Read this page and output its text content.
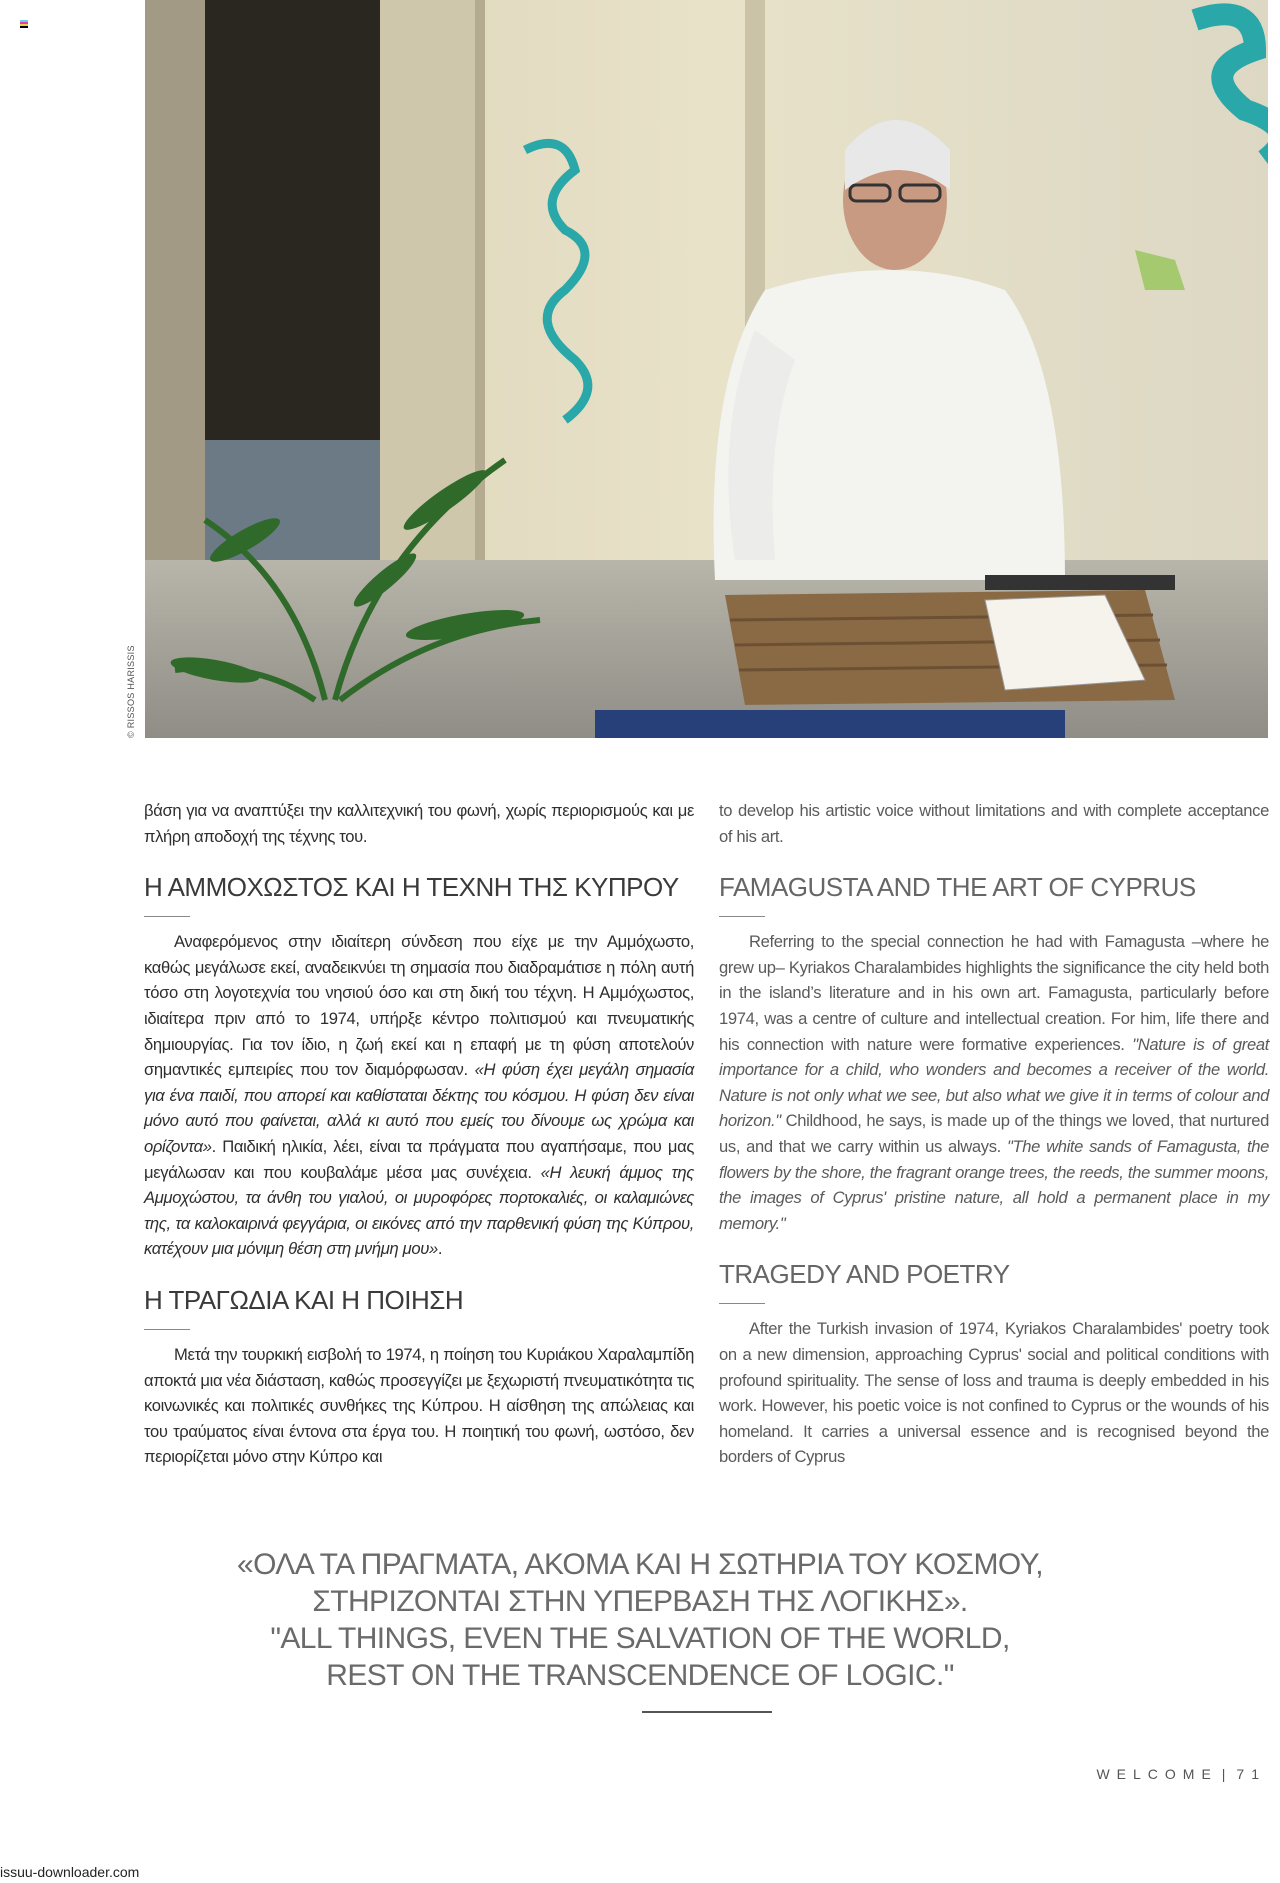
© RISSOS HARISSIS

βάση για να αναπτύξει την καλλιτεχνική του φωνή, χωρίς περιορισμούς και με πλήρη αποδοχή της τέχνης του.

Η ΑΜΜΟΧΩΣΤΟΣ ΚΑΙ Η ΤΕΧΝΗ ΤΗΣ ΚΥΠΡΟΥ

Αναφερόμενος στην ιδιαίτερη σύνδεση που είχε με την Αμμόχωστο, καθώς μεγάλωσε εκεί, αναδεικνύει τη σημασία που διαδραμάτισε η πόλη αυτή τόσο στη λογοτεχνία του νησιού όσο και στη δική του τέχνη. Η Αμμόχωστος, ιδιαίτερα πριν από το 1974, υπήρξε κέντρο πολιτισμού και πνευματικής δημιουργίας. Για τον ίδιο, η ζωή εκεί και η επαφή με τη φύση αποτελούν σημαντικές εμπειρίες που τον διαμόρφωσαν. «Η φύση έχει μεγάλη σημασία για ένα παιδί, που απορεί και καθίσταται δέκτης του κόσμου. Η φύση δεν είναι μόνο αυτό που φαίνεται, αλλά κι αυτό που εμείς του δίνουμε ως χρώμα και ορίζοντα». Παιδική ηλικία, λέει, είναι τα πράγματα που αγαπήσαμε, που μας μεγάλωσαν και που κουβαλάμε μέσα μας συνέχεια. «Η λευκή άμμος της Αμμοχώστου, τα άνθη του γιαλού, οι μυροφόρες πορτοκαλιές, οι καλαμιώνες της, τα καλοκαιρινά φεγγάρια, οι εικόνες από την παρθενική φύση της Κύπρου, κατέχουν μια μόνιμη θέση στη μνήμη μου».

Η ΤΡΑΓΩΔΙΑ ΚΑΙ Η ΠΟΙΗΣΗ

Μετά την τουρκική εισβολή το 1974, η ποίηση του Κυριάκου Χαραλαμπίδη αποκτά μια νέα διάσταση, καθώς προσεγγίζει με ξεχωριστή πνευματικότητα τις κοινωνικές και πολιτικές συνθήκες της Κύπρου. Η αίσθηση της απώλειας και του τραύματος είναι έντονα στα έργα του. Η ποιητική του φωνή, ωστόσο, δεν περιορίζεται μόνο στην Κύπρο και

to develop his artistic voice without limitations and with complete acceptance of his art.

FAMAGUSTA AND THE ART OF CYPRUS

Referring to the special connection he had with Famagusta –where he grew up– Kyriakos Charalambides highlights the significance the city held both in the island’s literature and in his own art. Famagusta, particularly before 1974, was a centre of culture and intellectual creation. For him, life there and his connection with nature were formative experiences. "Nature is of great importance for a child, who wonders and becomes a receiver of the world. Nature is not only what we see, but also what we give it in terms of colour and horizon." Childhood, he says, is made up of the things we loved, that nurtured us, and that we carry within us always. "The white sands of Famagusta, the flowers by the shore, the fragrant orange trees, the reeds, the summer moons, the images of Cyprus' pristine nature, all hold a permanent place in my memory."

TRAGEDY AND POETRY

After the Turkish invasion of 1974, Kyriakos Charalambides' poetry took on a new dimension, approaching Cyprus' social and political conditions with profound spirituality. The sense of loss and trauma is deeply embedded in his work. However, his poetic voice is not confined to Cyprus or the wounds of his homeland. It carries a universal essence and is recognised beyond the borders of Cyprus

«ΟΛΑ ΤΑ ΠΡΑΓΜΑΤΑ, ΑΚΟΜΑ ΚΑΙ Η ΣΩΤΗΡΙΑ ΤΟΥ ΚΟΣΜΟΥ,
ΣΤΗΡΙΖΟΝΤΑΙ ΣΤΗΝ ΥΠΕΡΒΑΣΗ ΤΗΣ ΛΟΓΙΚΗΣ».
"ALL THINGS, EVEN THE SALVATION OF THE WORLD,
REST ON THE TRANSCENDENCE OF LOGIC."
WELCOME | 71
issuu-downloader.com
